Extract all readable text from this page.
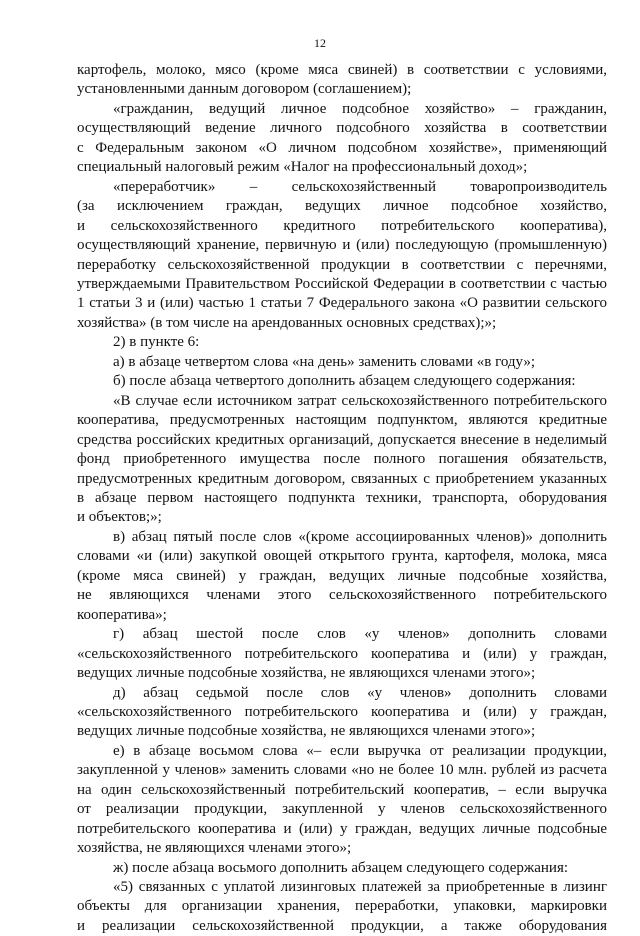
12
картофель, молоко, мясо (кроме мяса свиней) в соответствии с условиями,
установленными данным договором (соглашением);
«гражданин, ведущий личное подсобное хозяйство» – гражданин,
осуществляющий ведение личного подсобного хозяйства в соответствии
с Федеральным законом «О личном подсобном хозяйстве», применяющий
специальный налоговый режим «Налог на профессиональный доход»;
«переработчик» – сельскохозяйственный товаропроизводитель
(за исключением граждан, ведущих личное подсобное хозяйство,
и сельскохозяйственного кредитного потребительского кооператива),
осуществляющий хранение, первичную и (или) последующую (промышленную)
переработку сельскохозяйственной продукции в соответствии с перечнями,
утверждаемыми Правительством Российской Федерации в соответствии с частью
1 статьи 3 и (или) частью 1 статьи 7 Федерального закона «О развитии сельского
хозяйства» (в том числе на арендованных основных средствах);»;
2) в пункте 6:
а) в абзаце четвертом слова «на день» заменить словами «в году»;
б) после абзаца четвертого дополнить абзацем следующего содержания:
«В случае если источником затрат сельскохозяйственного потребительского
кооператива, предусмотренных настоящим подпунктом, являются кредитные
средства российских кредитных организаций, допускается внесение в неделимый
фонд приобретенного имущества после полного погашения обязательств,
предусмотренных кредитным договором, связанных с приобретением указанных
в абзаце первом настоящего подпункта техники, транспорта, оборудования
и объектов;»;
в) абзац пятый после слов «(кроме ассоциированных членов)» дополнить
словами «и (или) закупкой овощей открытого грунта, картофеля, молока, мяса
(кроме мяса свиней) у граждан, ведущих личные подсобные хозяйства,
не являющихся членами этого сельскохозяйственного потребительского
кооператива»;
г) абзац шестой после слов «у членов» дополнить словами
«сельскохозяйственного потребительского кооператива и (или) у граждан,
ведущих личные подсобные хозяйства, не являющихся членами этого»;
д) абзац седьмой после слов «у членов» дополнить словами
«сельскохозяйственного потребительского кооператива и (или) у граждан,
ведущих личные подсобные хозяйства, не являющихся членами этого»;
е) в абзаце восьмом слова «– если выручка от реализации продукции,
закупленной у членов» заменить словами «но не более 10 млн. рублей из расчета
на один сельскохозяйственный потребительский кооператив, – если выручка
от реализации продукции, закупленной у членов сельскохозяйственного
потребительского кооператива и (или) у граждан, ведущих личные подсобные
хозяйства, не являющихся членами этого»;
ж) после абзаца восьмого дополнить абзацем следующего содержания:
«5) связанных с уплатой лизинговых платежей за приобретенные в лизинг
объекты для организации хранения, переработки, упаковки, маркировки
и реализации сельскохозяйственной продукции, а также оборудования
